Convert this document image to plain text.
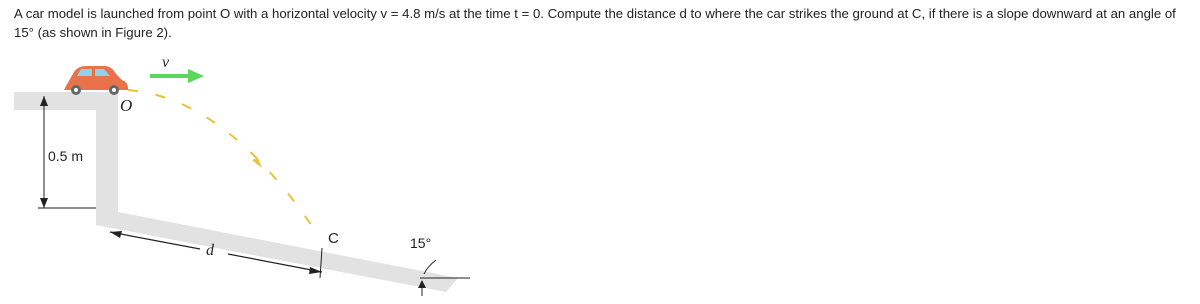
A car model is launched from point O with a horizontal velocity v = 4.8 m/s at the time t = 0. Compute the distance d to where the car strikes the ground at C, if there is a slope downward at an angle of 15° (as shown in Figure 2).

v
O
0.5 m
d
C	15°
